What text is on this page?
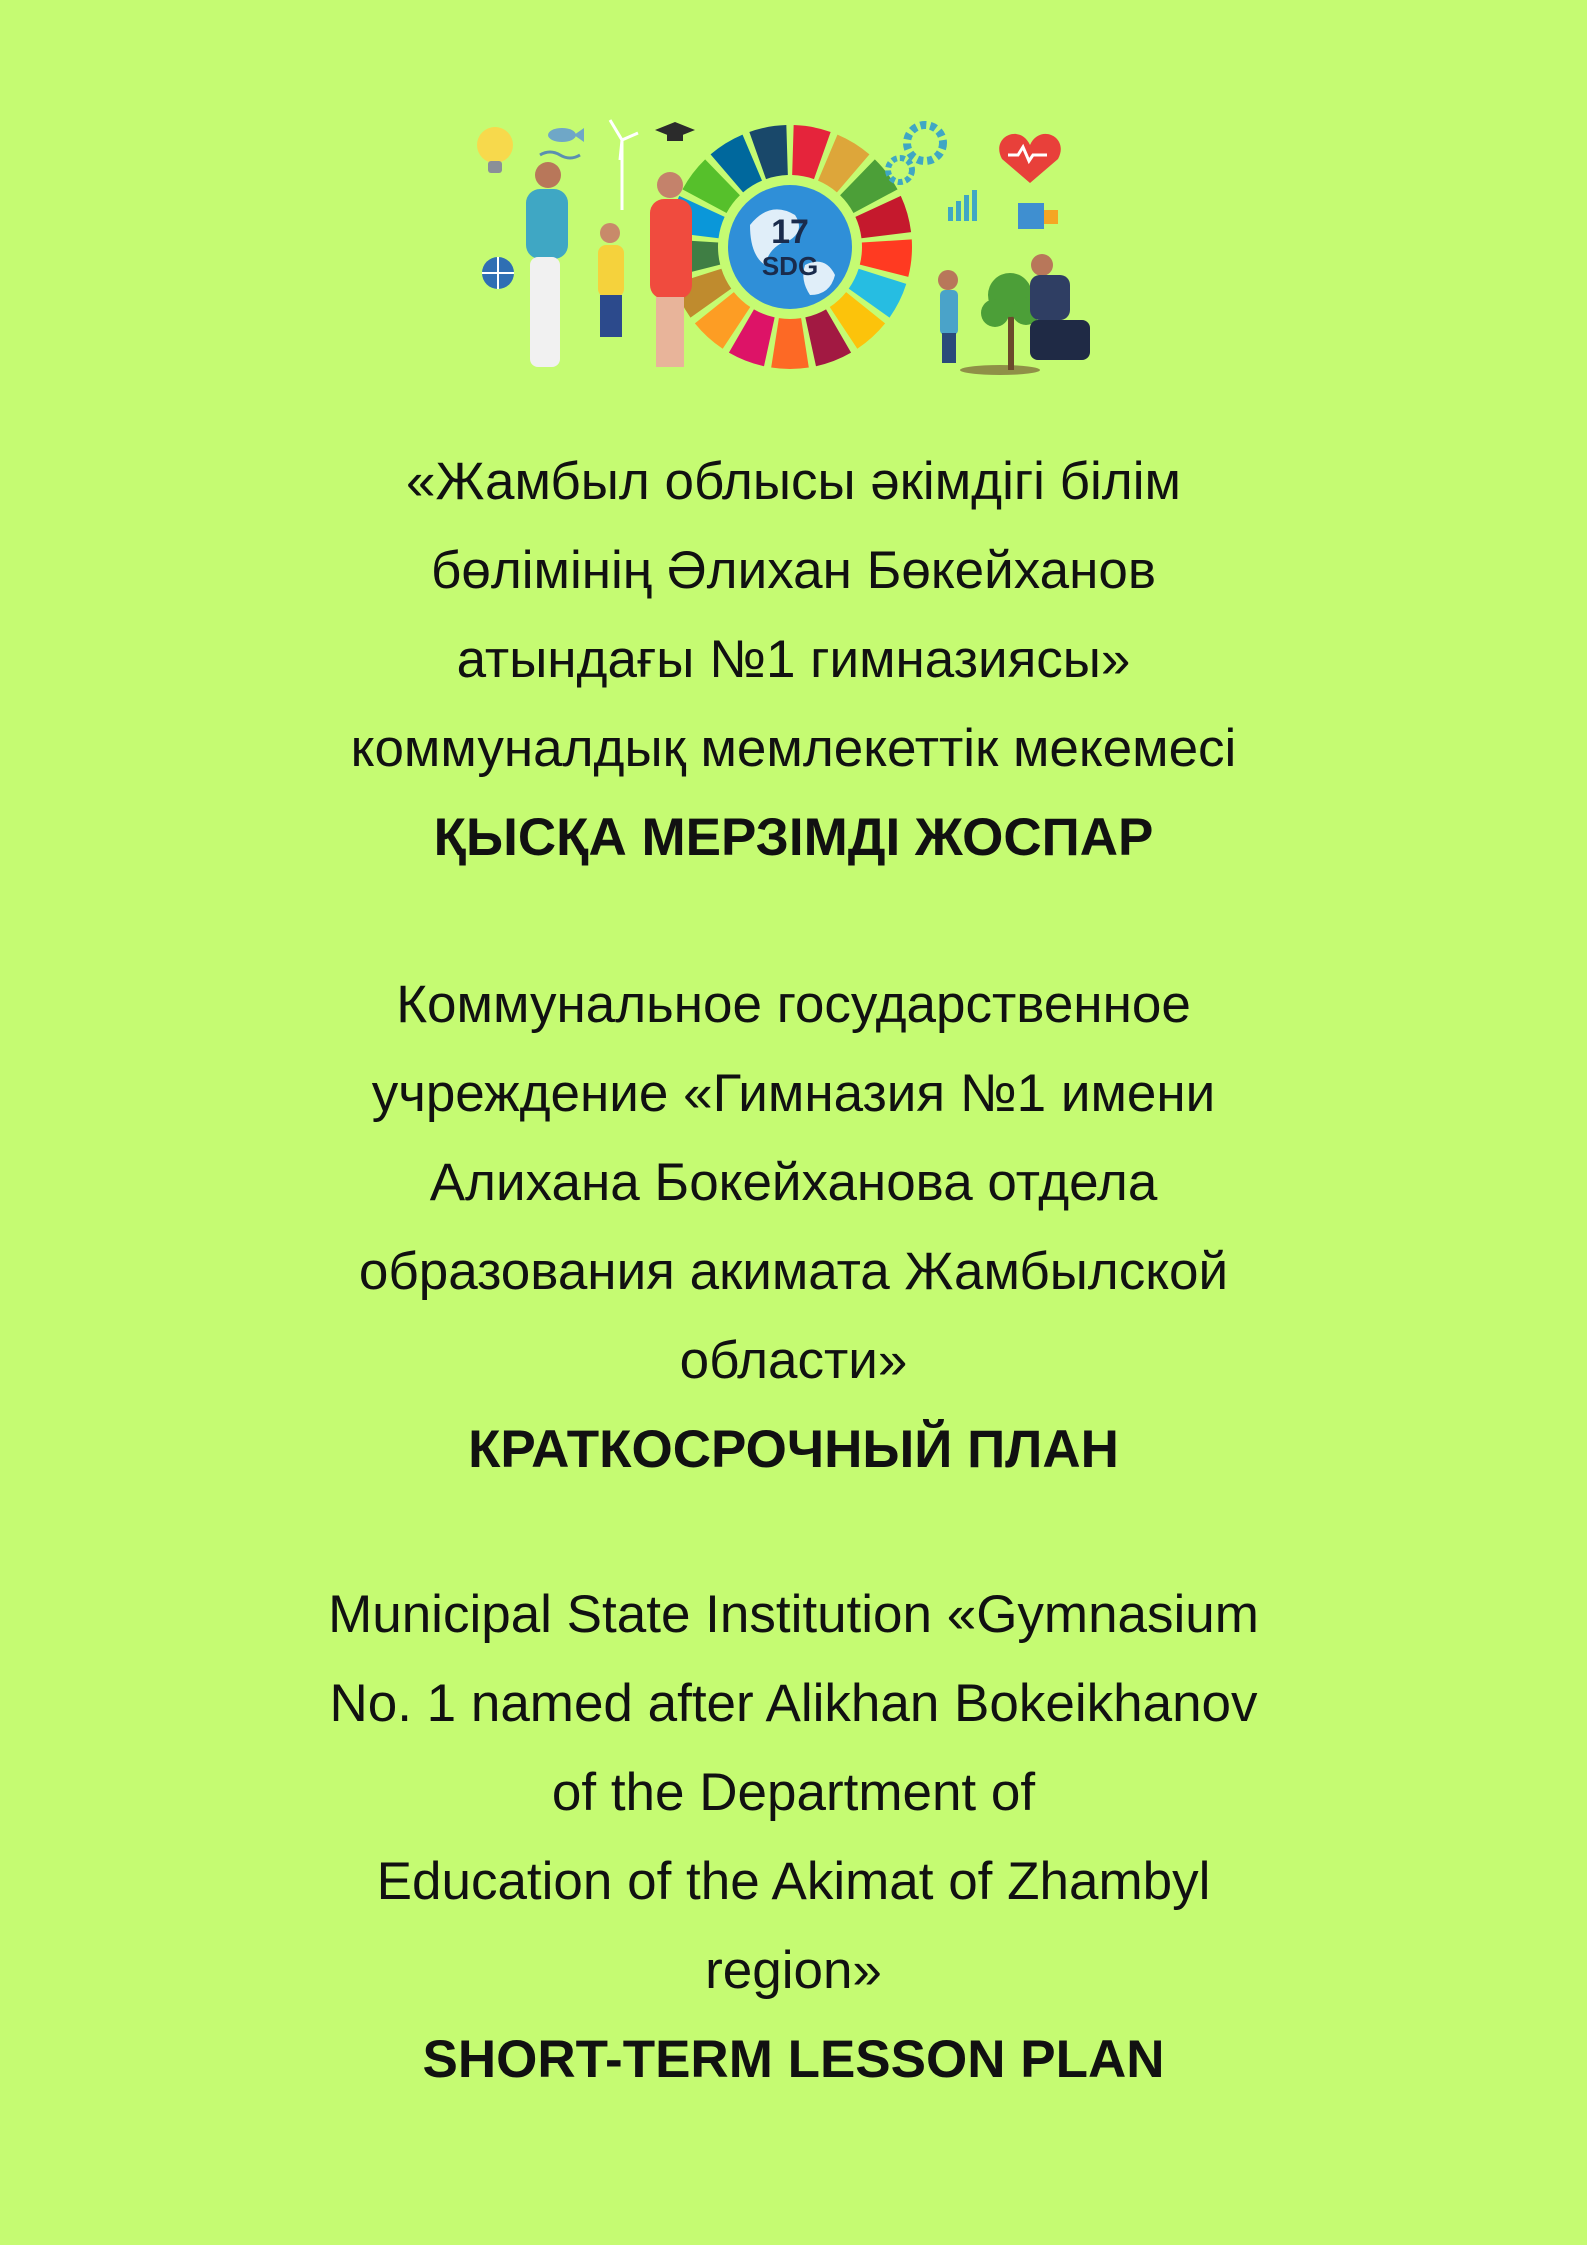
17
SDG
«Жамбыл облысы әкімдігі білім
бөлімінің Әлихан Бөкейханов
атындағы №1 гимназиясы»
коммуналдық мемлекеттік мекемесі
ҚЫСҚА МЕРЗІМДІ ЖОСПАР
Коммунальное государственное
учреждение «Гимназия №1 имени
Алихана Бокейханова отдела
образования акимата Жамбылской
области»
КРАТКОСРОЧНЫЙ ПЛАН
Municipal State Institution «Gymnasium
No. 1 named after Alikhan Bokeikhanov
of the Department of
Education of the Akimat of Zhambyl
region»
SHORT-TERM LESSON PLAN
